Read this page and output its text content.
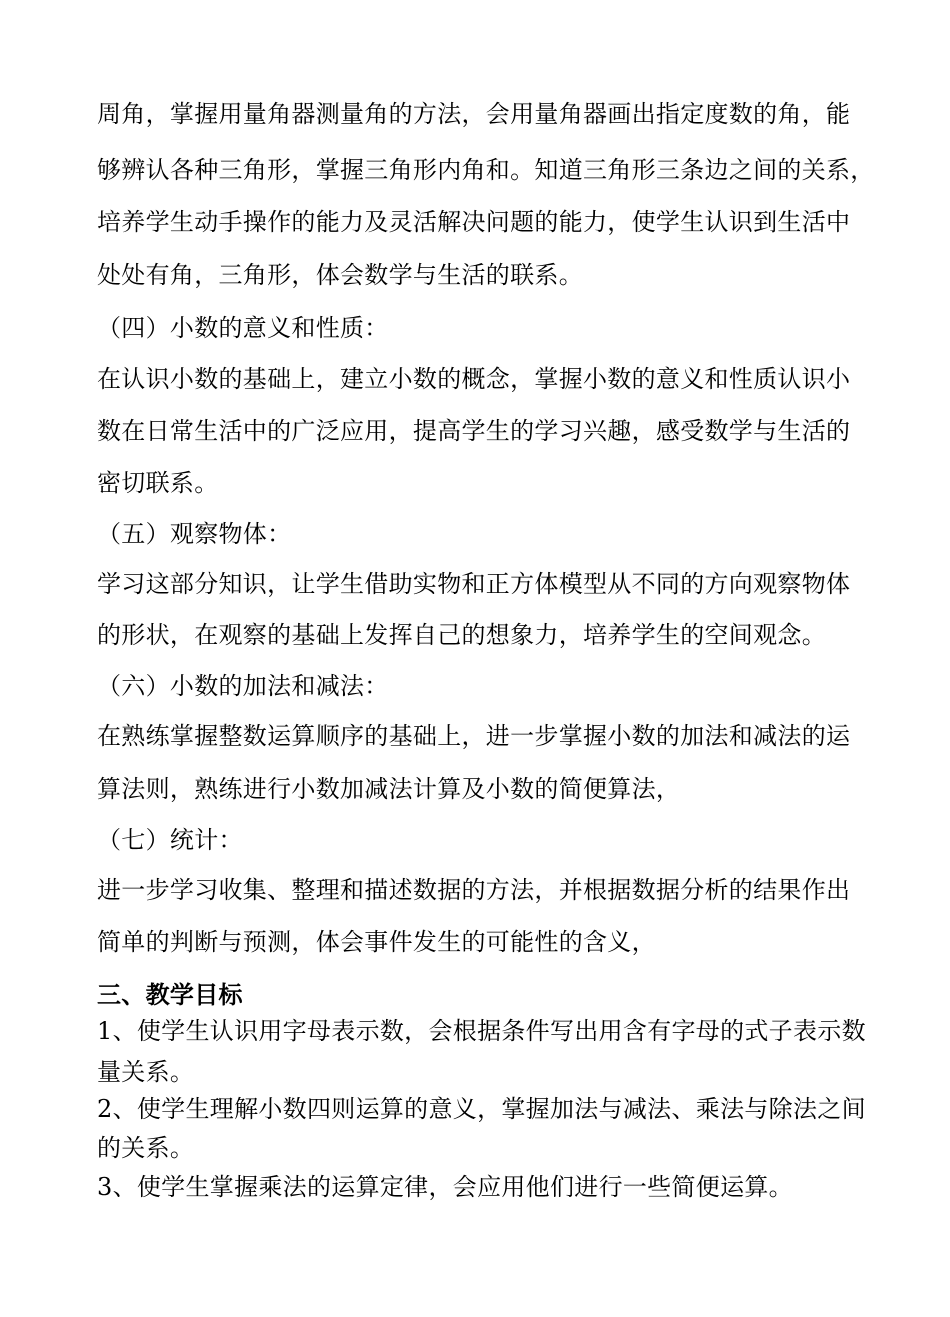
周角，掌握用量角器测量角的方法，会用量角器画出指定度数的角，能
够辨认各种三角形，掌握三角形内角和。知道三角形三条边之间的关系，
培养学生动手操作的能力及灵活解决问题的能力，使学生认识到生活中
处处有角，三角形，体会数学与生活的联系。
（四）小数的意义和性质：
在认识小数的基础上，建立小数的概念，掌握小数的意义和性质认识小
数在日常生活中的广泛应用，提高学生的学习兴趣，感受数学与生活的
密切联系。
（五）观察物体：
学习这部分知识，让学生借助实物和正方体模型从不同的方向观察物体
的形状，在观察的基础上发挥自己的想象力，培养学生的空间观念。
（六）小数的加法和减法：
在熟练掌握整数运算顺序的基础上，进一步掌握小数的加法和减法的运
算法则，熟练进行小数加减法计算及小数的简便算法，
（七）统计：
进一步学习收集、整理和描述数据的方法，并根据数据分析的结果作出
简单的判断与预测，体会事件发生的可能性的含义，
三、教学目标
1、使学生认识用字母表示数，会根据条件写出用含有字母的式子表示数
量关系。
2、使学生理解小数四则运算的意义，掌握加法与减法、乘法与除法之间
的关系。
3、使学生掌握乘法的运算定律，会应用他们进行一些简便运算。
